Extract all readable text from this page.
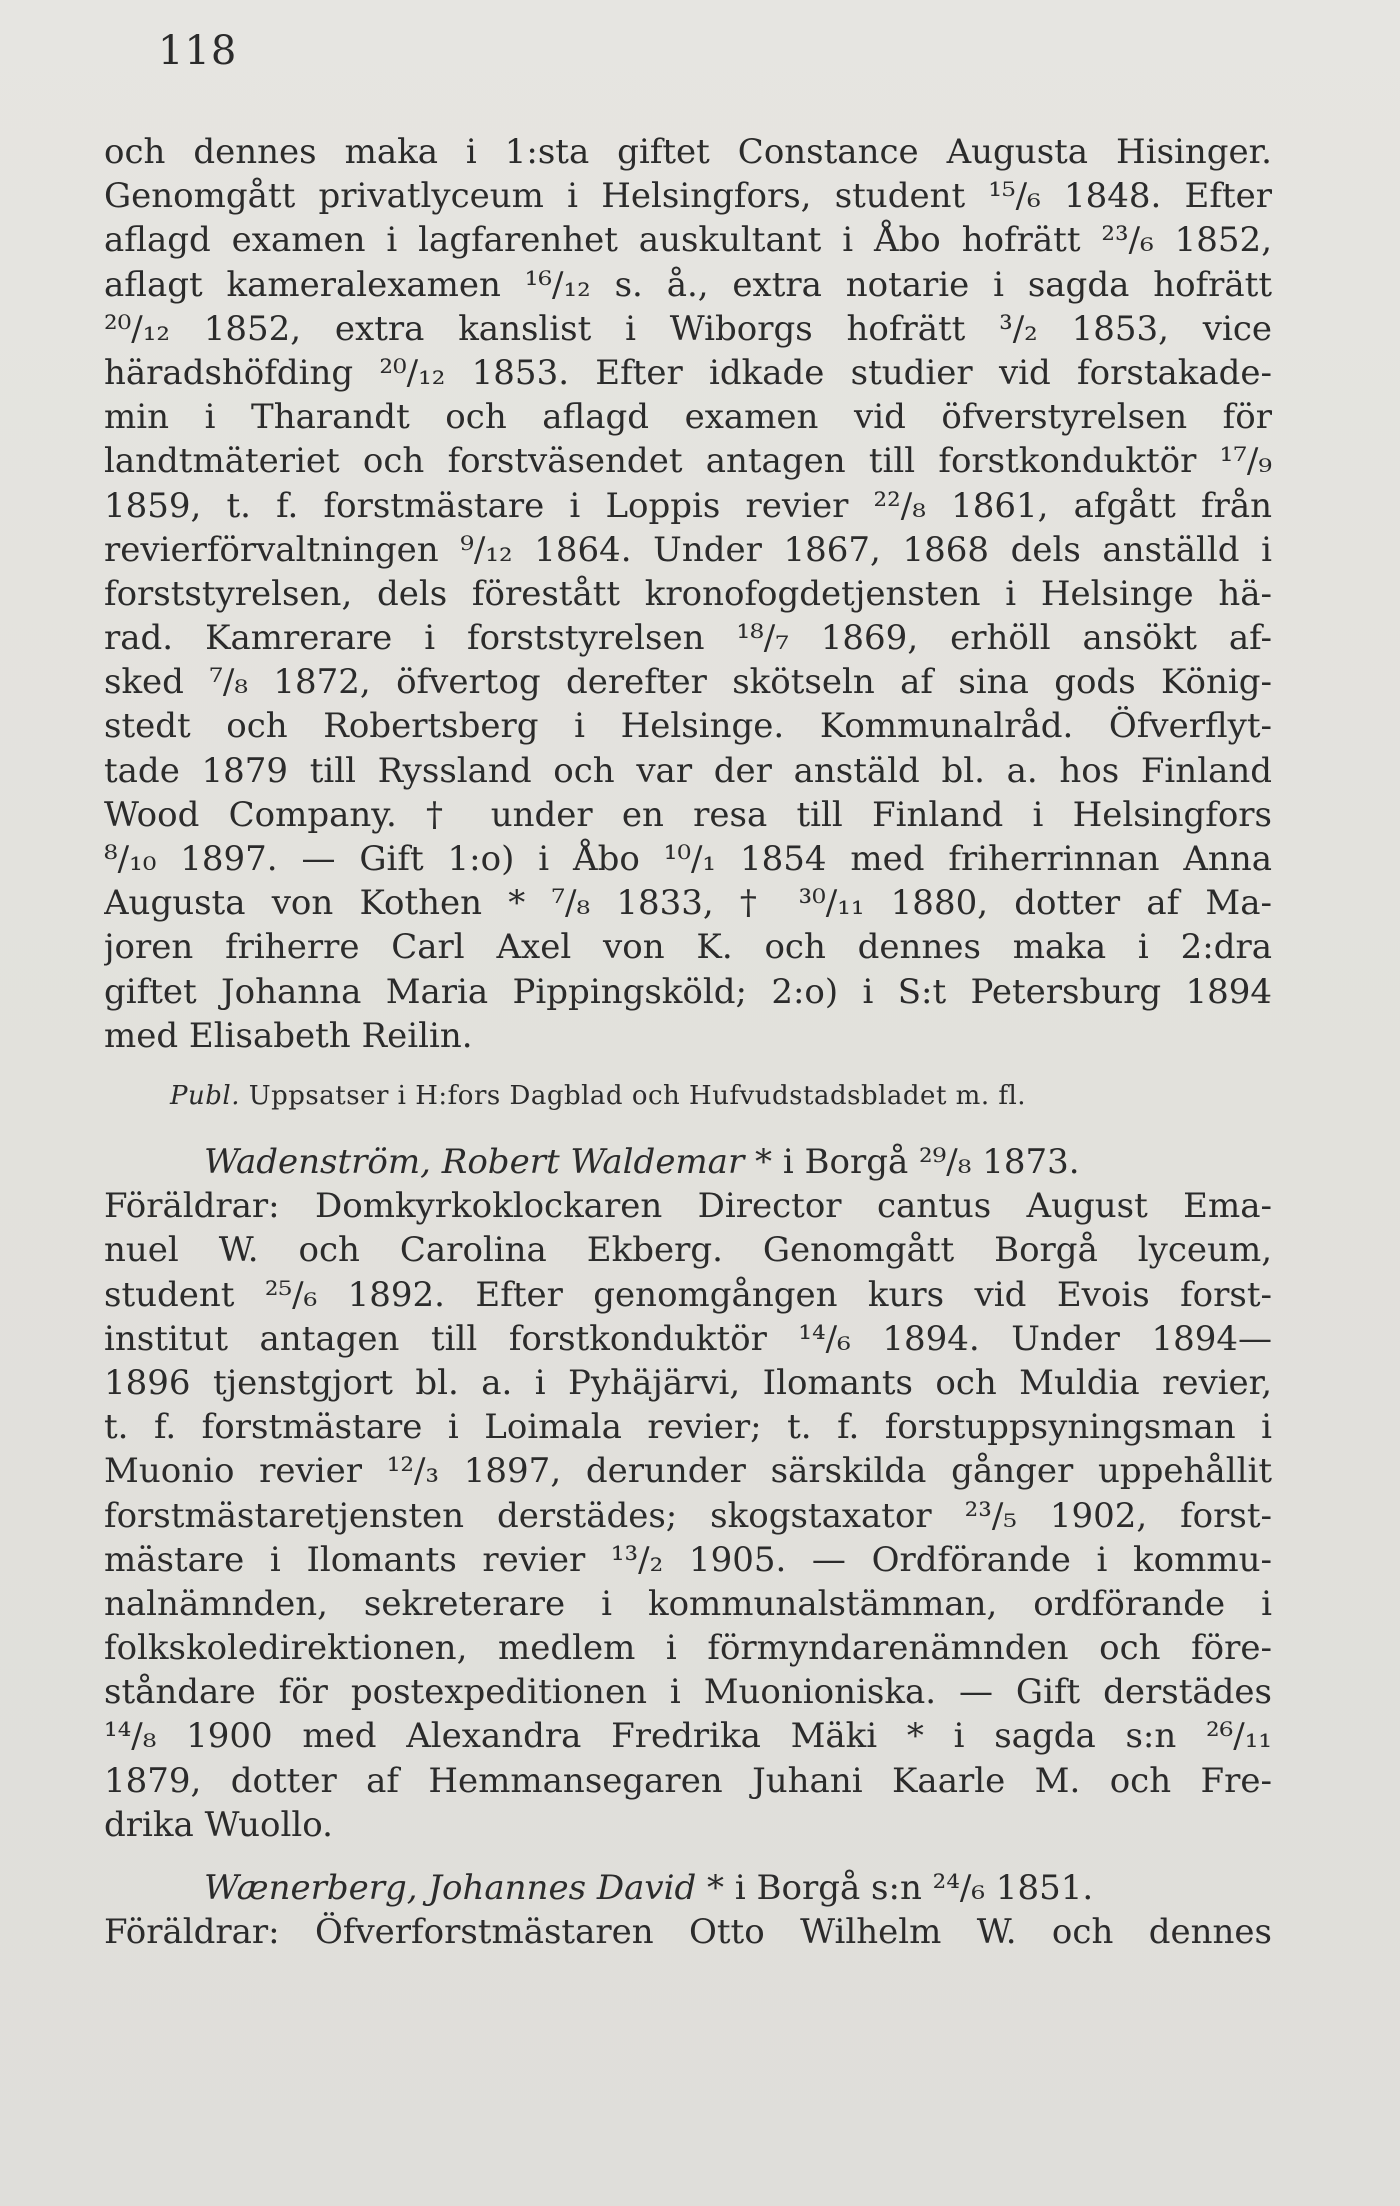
118
och dennes maka i 1:sta giftet Constance Augusta Hisinger.
Genomgått privatlyceum i Helsingfors, student ¹⁵/₆ 1848. Efter
aflagd examen i lagfarenhet auskultant i Åbo hofrätt ²³/₆ 1852,
aflagt kameralexamen ¹⁶/₁₂ s. å., extra notarie i sagda hofrätt
²⁰/₁₂ 1852, extra kanslist i Wiborgs hofrätt ³/₂ 1853, vice
häradshöfding ²⁰/₁₂ 1853. Efter idkade studier vid forstakade-
min i Tharandt och aflagd examen vid öfverstyrelsen för
landtmäteriet och forstväsendet antagen till forstkonduktör ¹⁷/₉
1859, t. f. forstmästare i Loppis revier ²²/₈ 1861, afgått från
revierförvaltningen ⁹/₁₂ 1864. Under 1867, 1868 dels anställd i
forststyrelsen, dels förestått kronofogdetjensten i Helsinge hä-
rad. Kamrerare i forststyrelsen ¹⁸/₇ 1869, erhöll ansökt af-
sked ⁷/₈ 1872, öfvertog derefter skötseln af sina gods König-
stedt och Robertsberg i Helsinge. Kommunalråd. Öfverflyt-
tade 1879 till Ryssland och var der anstäld bl. a. hos Finland
Wood Company. † under en resa till Finland i Helsingfors
⁸/₁₀ 1897. — Gift 1:o) i Åbo ¹⁰/₁ 1854 med friherrinnan Anna
Augusta von Kothen * ⁷/₈ 1833, † ³⁰/₁₁ 1880, dotter af Ma-
joren friherre Carl Axel von K. och dennes maka i 2:dra
giftet Johanna Maria Pippingsköld; 2:o) i S:t Petersburg 1894
med Elisabeth Reilin.
Publ. Uppsatser i H:fors Dagblad och Hufvudstadsbladet m. fl.
Wadenström, Robert Waldemar * i Borgå ²⁹/₈ 1873.
Föräldrar: Domkyrkoklockaren Director cantus August Ema-
nuel W. och Carolina Ekberg. Genomgått Borgå lyceum,
student ²⁵/₆ 1892. Efter genomgången kurs vid Evois forst-
institut antagen till forstkonduktör ¹⁴/₆ 1894. Under 1894—
1896 tjenstgjort bl. a. i Pyhäjärvi, Ilomants och Muldia revier,
t. f. forstmästare i Loimala revier; t. f. forstuppsyningsman i
Muonio revier ¹²/₃ 1897, derunder särskilda gånger uppehållit
forstmästaretjensten derstädes; skogstaxator ²³/₅ 1902, forst-
mästare i Ilomants revier ¹³/₂ 1905. — Ordförande i kommu-
nalnämnden, sekreterare i kommunalstämman, ordförande i
folkskoledirektionen, medlem i förmyndarenämnden och före-
ståndare för postexpeditionen i Muonioniska. — Gift derstädes
¹⁴/₈ 1900 med Alexandra Fredrika Mäki * i sagda s:n ²⁶/₁₁
1879, dotter af Hemmansegaren Juhani Kaarle M. och Fre-
drika Wuollo.
Wænerberg, Johannes David * i Borgå s:n ²⁴/₆ 1851.
Föräldrar: Öfverforstmästaren Otto Wilhelm W. och dennes
